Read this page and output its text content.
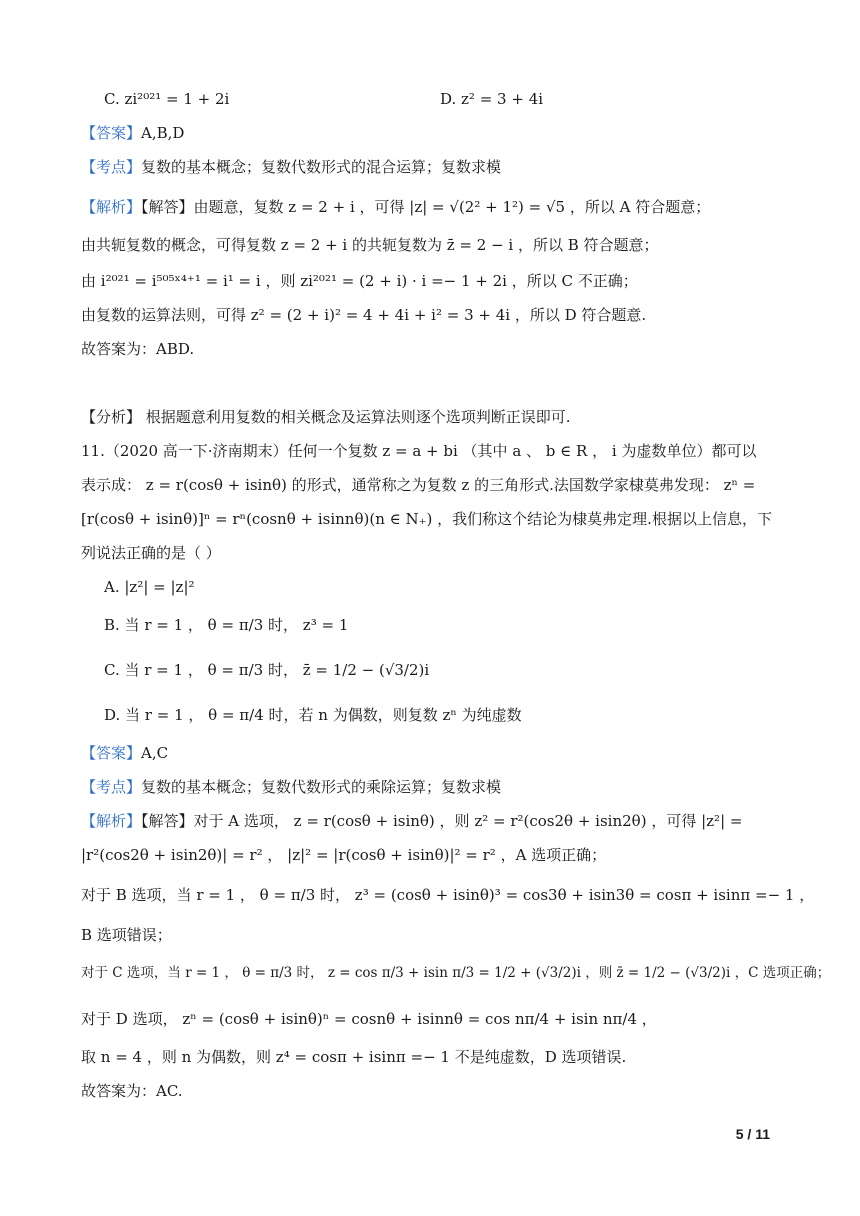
C. zi²⁰²¹ = 1 + 2i	D. z² = 3 + 4i
【答案】A,B,D
【考点】复数的基本概念；复数代数形式的混合运算；复数求模
【解析】【解答】由题意，复数 z = 2 + i ，可得 |z| = √(2² + 1²) = √5 ，所以 A 符合题意；
由共轭复数的概念，可得复数 z = 2 + i 的共轭复数为 z̄ = 2 − i ，所以 B 符合题意；
由 i²⁰²¹ = i⁵⁰⁵ˣ⁴⁺¹ = i¹ = i ，则 zi²⁰²¹ = (2 + i) · i =− 1 + 2i ，所以 C 不正确；
由复数的运算法则，可得 z² = (2 + i)² = 4 + 4i + i² = 3 + 4i ，所以 D 符合题意.
故答案为：ABD.
【分析】 根据题意利用复数的相关概念及运算法则逐个选项判断正误即可.
11.（2020 高一下·济南期末）任何一个复数 z = a + bi （其中 a 、 b ∈ R ， i 为虚数单位）都可以
表示成： z = r(cosθ + isinθ) 的形式，通常称之为复数 z 的三角形式.法国数学家棣莫弗发现： zⁿ =
[r(cosθ + isinθ)]ⁿ = rⁿ(cosnθ + isinnθ)(n ∈ N₊) ，我们称这个结论为棣莫弗定理.根据以上信息，下
列说法正确的是（ ）
A. |z²| = |z|²
B. 当 r = 1 ， θ = π/3 时， z³ = 1
C. 当 r = 1 ， θ = π/3 时， z̄ = 1/2 − (√3/2)i
D. 当 r = 1 ， θ = π/4 时，若 n 为偶数，则复数 zⁿ 为纯虚数
【答案】A,C
【考点】复数的基本概念；复数代数形式的乘除运算；复数求模
【解析】【解答】对于 A 选项， z = r(cosθ + isinθ) ，则 z² = r²(cos2θ + isin2θ) ，可得 |z²| =
|r²(cos2θ + isin2θ)| = r² ， |z|² = |r(cosθ + isinθ)|² = r² ，A 选项正确；
对于 B 选项，当 r = 1 ， θ = π/3 时， z³ = (cosθ + isinθ)³ = cos3θ + isin3θ = cosπ + isinπ =− 1 ，
B 选项错误；
对于 C 选项，当 r = 1 ， θ = π/3 时， z = cos π/3 + isin π/3 = 1/2 + (√3/2)i ，则 z̄ = 1/2 − (√3/2)i ，C 选项正确；
对于 D 选项， zⁿ = (cosθ + isinθ)ⁿ = cosnθ + isinnθ = cos nπ/4 + isin nπ/4 ，
取 n = 4 ，则 n 为偶数，则 z⁴ = cosπ + isinπ =− 1 不是纯虚数，D 选项错误.
故答案为：AC.
5 / 11
